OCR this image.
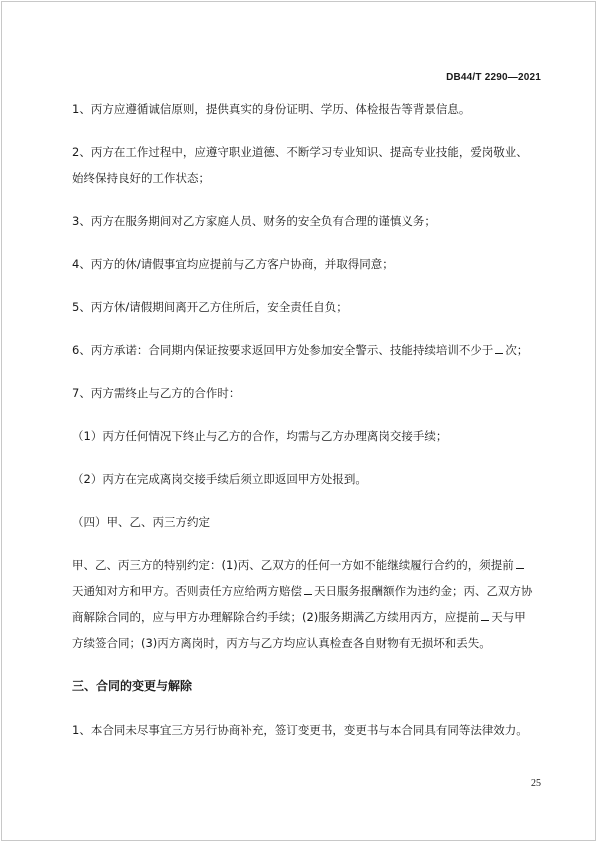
DB44/T 2290—2021

1、丙方应遵循诚信原则，提供真实的身份证明、学历、体检报告等背景信息。

2、丙方在工作过程中，应遵守职业道德、不断学习专业知识、提高专业技能，爱岗敬业、始终保持良好的工作状态；

3、丙方在服务期间对乙方家庭人员、财务的安全负有合理的谨慎义务；

4、丙方的休/请假事宜均应提前与乙方客户协商，并取得同意；

5、丙方休/请假期间离开乙方住所后，安全责任自负；

6、丙方承诺：合同期内保证按要求返回甲方处参加安全警示、技能持续培训不少于 次；

7、丙方需终止与乙方的合作时：

（1）丙方任何情况下终止与乙方的合作，均需与乙方办理离岗交接手续；

（2）丙方在完成离岗交接手续后须立即返回甲方处报到。

（四）甲、乙、丙三方约定

甲、乙、丙三方的特别约定：(1)丙、乙双方的任何一方如不能继续履行合约的，须提前天通知对方和甲方。否则责任方应给两方赔偿 天日服务报酬额作为违约金；丙、乙双方协商解除合同的，应与甲方办理解除合约手续；(2)服务期满乙方续用丙方，应提前 天与甲方续签合同；(3)丙方离岗时，丙方与乙方均应认真检查各自财物有无损坏和丢失。

三、合同的变更与解除

1、本合同未尽事宜三方另行协商补充，签订变更书，变更书与本合同具有同等法律效力。

25
